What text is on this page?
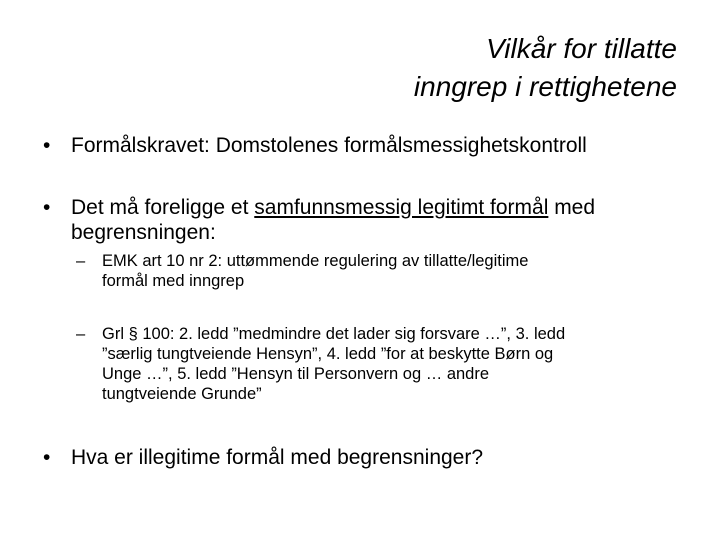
Vilkår for tillatte
inngrep i rettighetene
• Formålskravet: Domstolenes formålsmessighetskontroll
• Det må foreligge et samfunnsmessig legitimt formål med
begrensningen:
– EMK art 10 nr 2: uttømmende regulering av tillatte/legitime
formål med inngrep
– Grl § 100: 2. ledd ”medmindre det lader sig forsvare …”, 3. ledd
”særlig tungtveiende Hensyn”, 4. ledd ”for at beskytte Børn og
Unge …”, 5. ledd ”Hensyn til Personvern og … andre
tungtveiende Grunde”
• Hva er illegitime formål med begrensninger?
